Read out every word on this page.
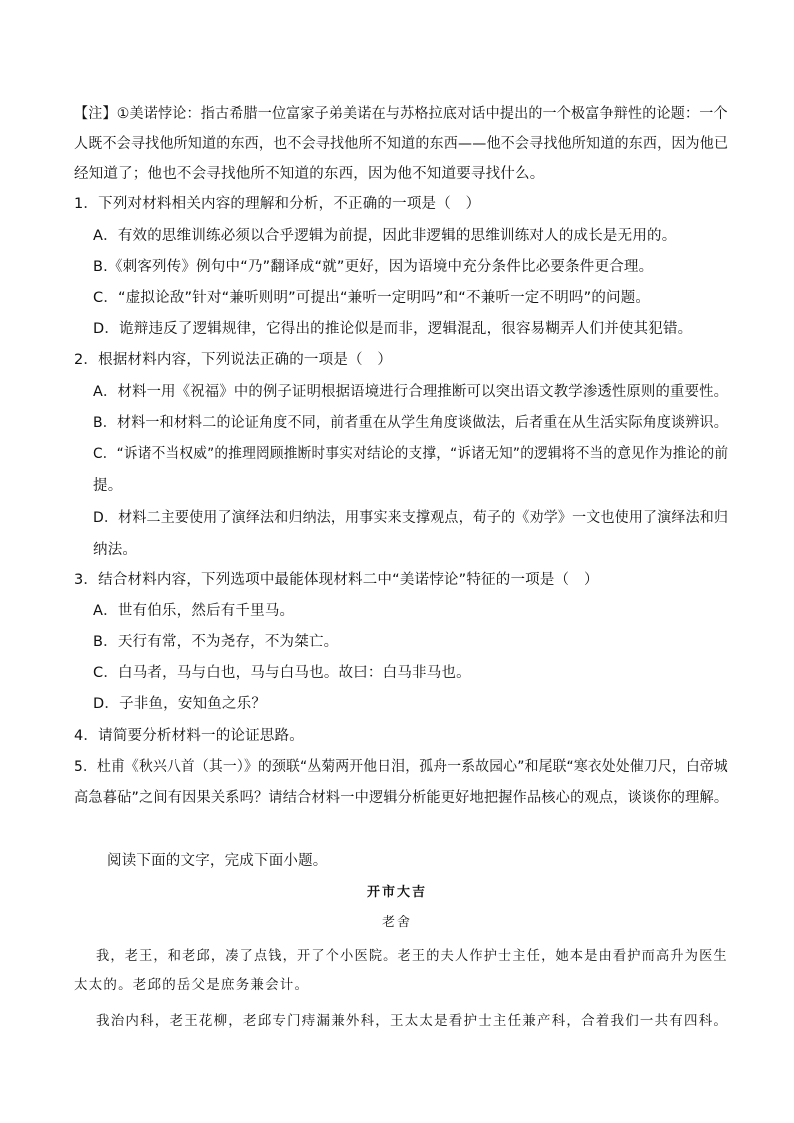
【注】①美诺悖论：指古希腊一位富家子弟美诺在与苏格拉底对话中提出的一个极富争辩性的论题：一个
人既不会寻找他所知道的东西，也不会寻找他所不知道的东西——他不会寻找他所知道的东西，因为他已
经知道了；他也不会寻找他所不知道的东西，因为他不知道要寻找什么。
1．下列对材料相关内容的理解和分析，不正确的一项是（　）
A．有效的思维训练必须以合乎逻辑为前提，因此非逻辑的思维训练对人的成长是无用的。
B.《刺客列传》例句中“乃”翻译成“就”更好，因为语境中充分条件比必要条件更合理。
C．“虚拟论敌”针对“兼听则明”可提出“兼听一定明吗”和“不兼听一定不明吗”的问题。
D．诡辩违反了逻辑规律，它得出的推论似是而非，逻辑混乱，很容易糊弄人们并使其犯错。
2．根据材料内容，下列说法正确的一项是（　）
A．材料一用《祝福》中的例子证明根据语境进行合理推断可以突出语文教学渗透性原则的重要性。
B．材料一和材料二的论证角度不同，前者重在从学生角度谈做法，后者重在从生活实际角度谈辨识。
C．“诉诸不当权威”的推理罔顾推断时事实对结论的支撑，“诉诸无知”的逻辑将不当的意见作为推论的前
提。
D．材料二主要使用了演绎法和归纳法，用事实来支撑观点，荀子的《劝学》一文也使用了演绎法和归
纳法。
3．结合材料内容，下列选项中最能体现材料二中“美诺悖论”特征的一项是（　）
A．世有伯乐，然后有千里马。
B．天行有常，不为尧存，不为桀亡。
C．白马者，马与白也，马与白马也。故曰：白马非马也。
D．子非鱼，安知鱼之乐？
4．请简要分析材料一的论证思路。
5．杜甫《秋兴八首（其一）》的颈联“丛菊两开他日泪，孤舟一系故园心”和尾联“寒衣处处催刀尺，白帝城
高急暮砧”之间有因果关系吗？请结合材料一中逻辑分析能更好地把握作品核心的观点，谈谈你的理解。
阅读下面的文字，完成下面小题。
开市大吉
老舍
我，老王，和老邱，凑了点钱，开了个小医院。老王的夫人作护士主任，她本是由看护而高升为医生
太太的。老邱的岳父是庶务兼会计。
我治内科，老王花柳，老邱专门痔漏兼外科，王太太是看护士主任兼产科，合着我们一共有四科。
